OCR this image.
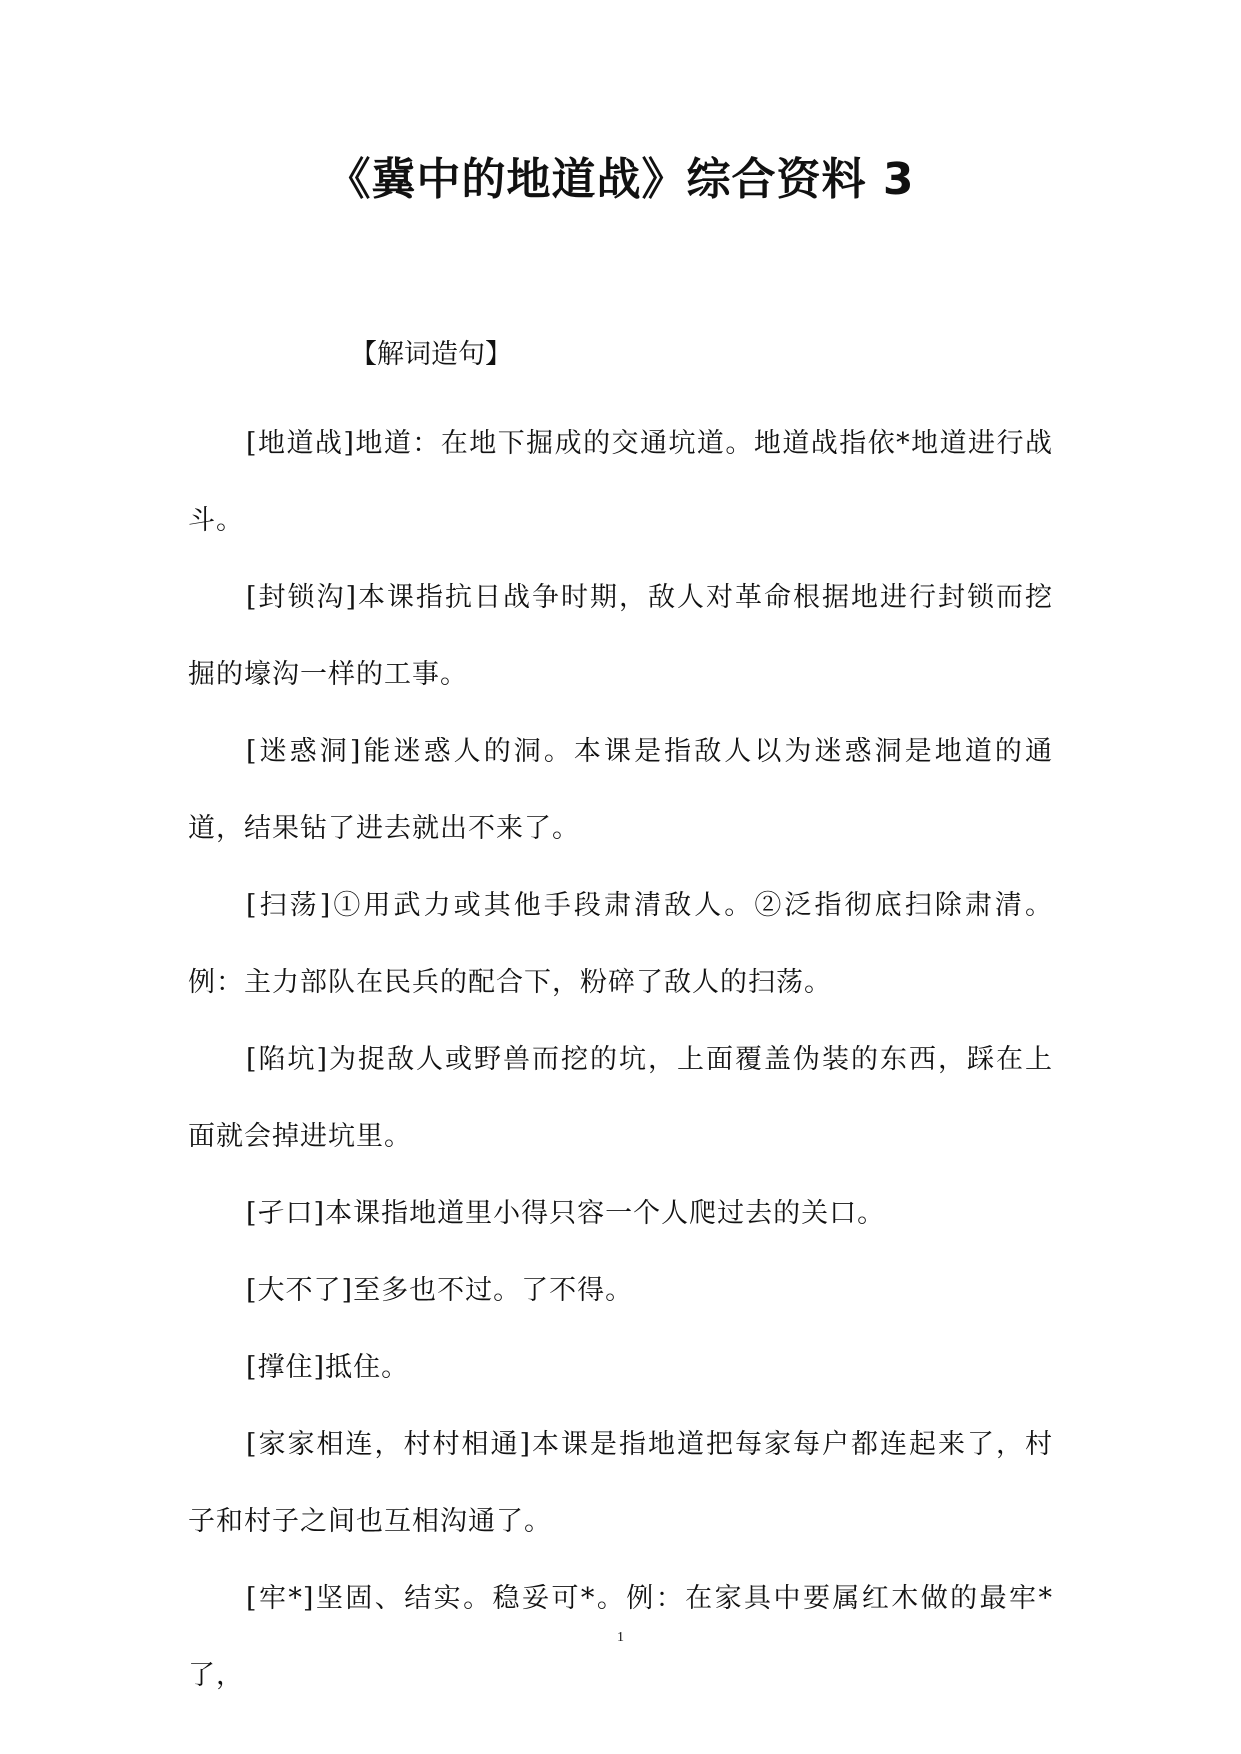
《冀中的地道战》综合资料 3
【解词造句】

[地道战]地道：在地下掘成的交通坑道。地道战指依*地道进行战斗。

[封锁沟]本课指抗日战争时期，敌人对革命根据地进行封锁而挖掘的壕沟一样的工事。

[迷惑洞]能迷惑人的洞。本课是指敌人以为迷惑洞是地道的通道，结果钻了进去就出不来了。

[扫荡]①用武力或其他手段肃清敌人。②泛指彻底扫除肃清。例：主力部队在民兵的配合下，粉碎了敌人的扫荡。

[陷坑]为捉敌人或野兽而挖的坑，上面覆盖伪装的东西，踩在上面就会掉进坑里。

[孑口]本课指地道里小得只容一个人爬过去的关口。

[大不了]至多也不过。了不得。

[撑住]抵住。

[家家相连，村村相通]本课是指地道把每家每户都连起来了，村子和村子之间也互相沟通了。

[牢*]坚固、结实。稳妥可*。例：在家具中要属红木做的最牢*了，

1
